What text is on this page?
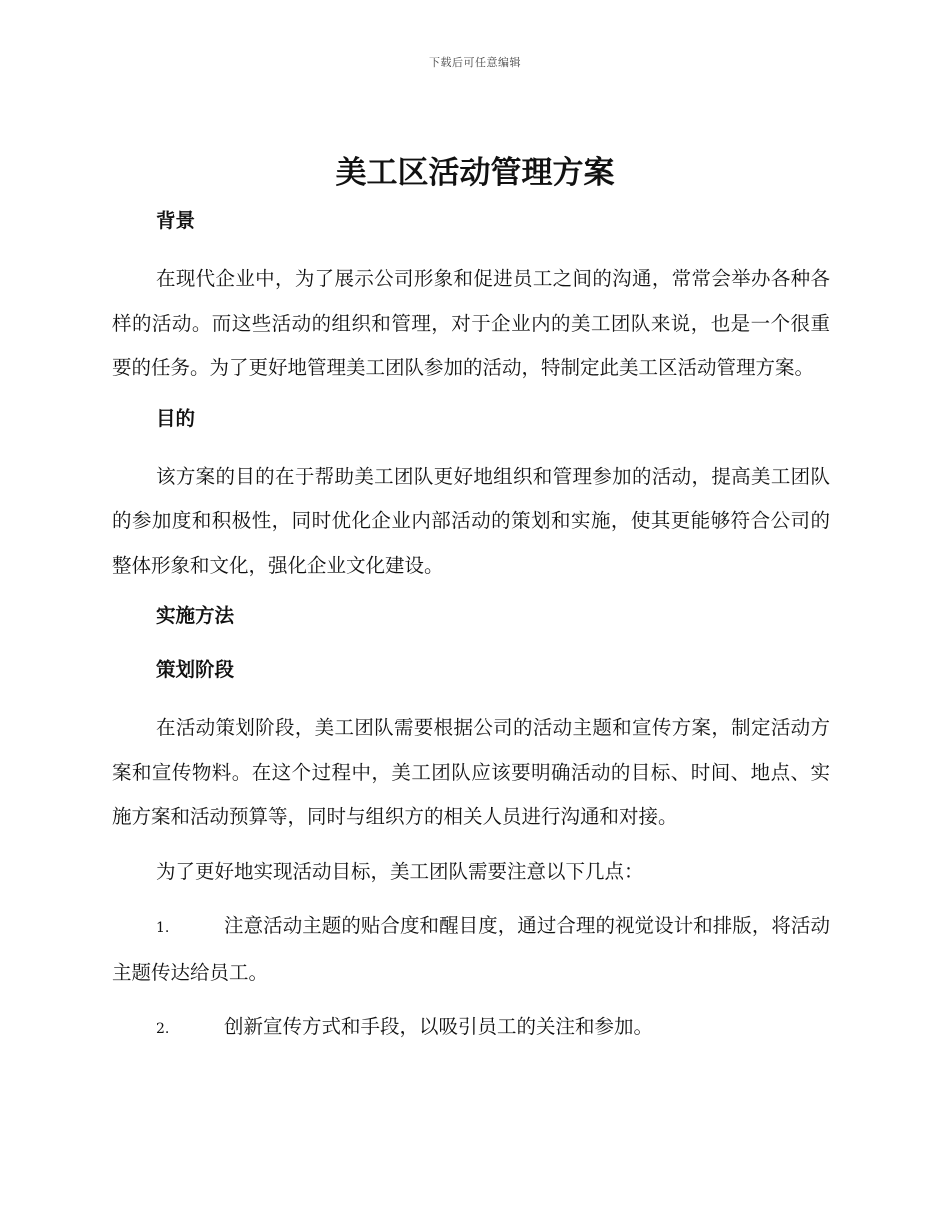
下载后可任意编辑
美工区活动管理方案

背景

在现代企业中，为了展示公司形象和促进员工之间的沟通，常常会举办各种各样的活动。而这些活动的组织和管理，对于企业内的美工团队来说，也是一个很重要的任务。为了更好地管理美工团队参加的活动，特制定此美工区活动管理方案。

目的

该方案的目的在于帮助美工团队更好地组织和管理参加的活动，提高美工团队的参加度和积极性，同时优化企业内部活动的策划和实施，使其更能够符合公司的整体形象和文化，强化企业文化建设。

实施方法

策划阶段

在活动策划阶段，美工团队需要根据公司的活动主题和宣传方案，制定活动方案和宣传物料。在这个过程中，美工团队应该要明确活动的目标、时间、地点、实施方案和活动预算等，同时与组织方的相关人员进行沟通和对接。

为了更好地实现活动目标，美工团队需要注意以下几点：

1.	注意活动主题的贴合度和醒目度，通过合理的视觉设计和排版，将活动主题传达给员工。

2.	创新宣传方式和手段，以吸引员工的关注和参加。
